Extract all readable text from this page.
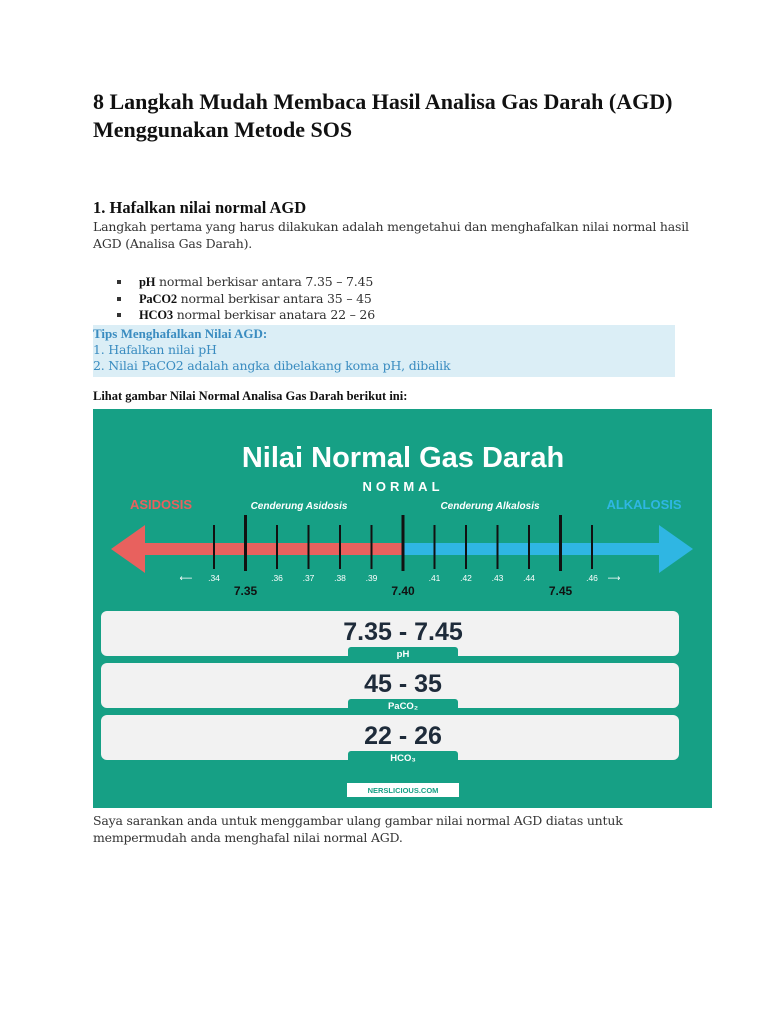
8 Langkah Mudah Membaca Hasil Analisa Gas Darah (AGD) Menggunakan Metode SOS
1. Hafalkan nilai normal AGD

Langkah pertama yang harus dilakukan adalah mengetahui dan menghafalkan nilai normal hasil AGD (Analisa Gas Darah).

pH normal berkisar antara 7.35 – 7.45
PaCO2 normal berkisar antara 35 – 45
HCO3 normal berkisar anatara 22 – 26
Tips Menghafalkan Nilai AGD:
1. Hafalkan nilai pH
2. Nilai PaCO2 adalah angka dibelakang koma pH, dibalik
Lihat gambar Nilai Normal Analisa Gas Darah berikut ini:
Nilai Normal Gas Darah
NORMAL
ASIDOSIS	ALKALOSIS
Cenderung Asidosis	Cenderung Alkalosis
.34
7.35
.36 .37 .38 .39
7.40
.41 .42 .43 .44
7.45
.46
⟵	⟶
7.35 - 7.45
pH
45 - 35
PaCO₂
22 - 26
HCO₃
NERSLICIOUS.COM

Saya sarankan anda untuk menggambar ulang gambar nilai normal AGD diatas untuk mempermudah anda menghafal nilai normal AGD.
